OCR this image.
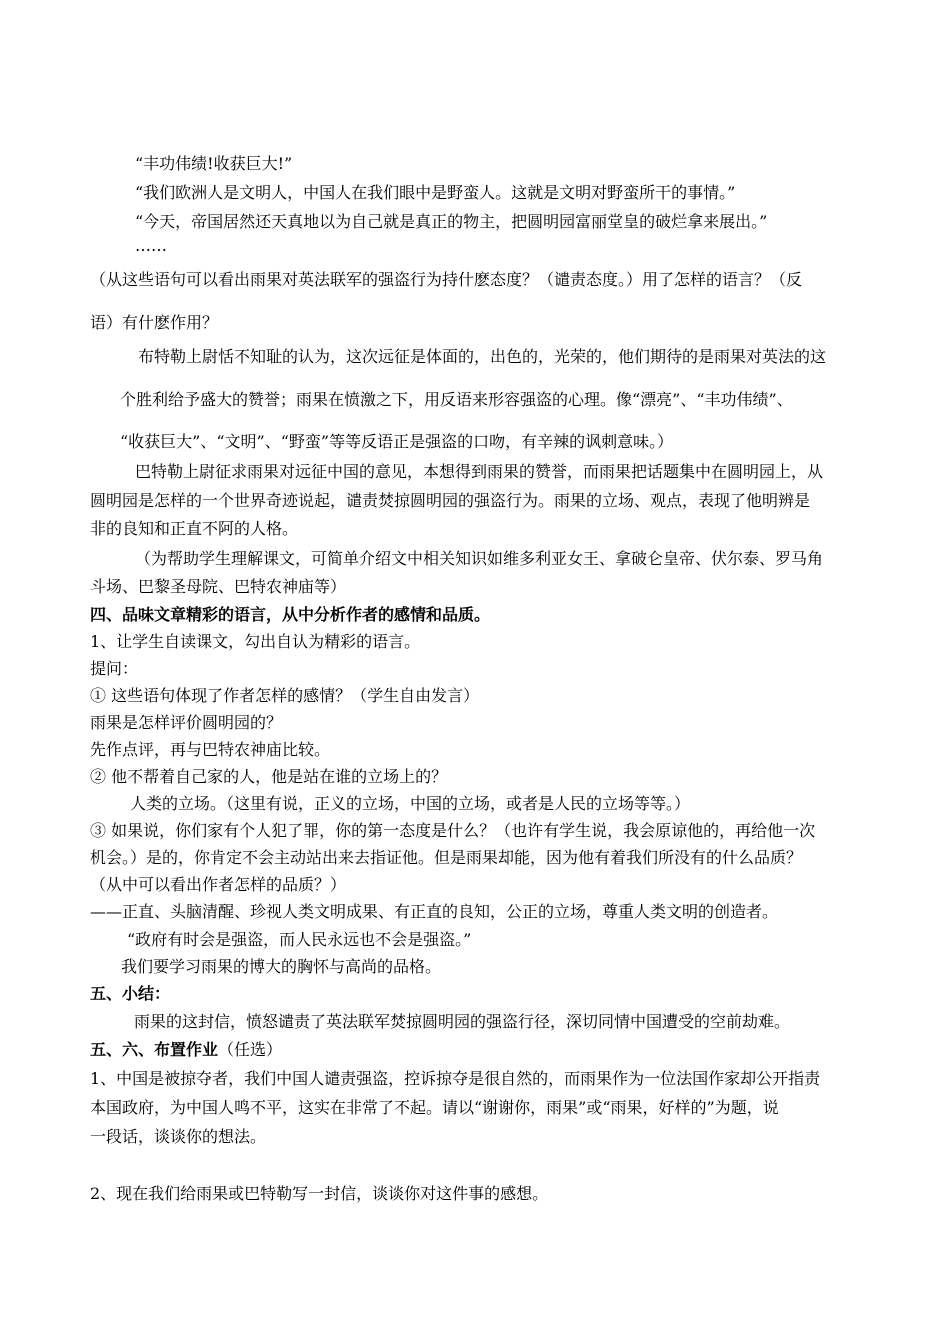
“丰功伟绩!收获巨大!”
“我们欧洲人是文明人，中国人在我们眼中是野蛮人。这就是文明对野蛮所干的事情。”
“今天，帝国居然还天真地以为自己就是真正的物主，把圆明园富丽堂皇的破烂拿来展出。”
……
（从这些语句可以看出雨果对英法联军的强盗行为持什麽态度？（谴责态度。）用了怎样的语言？（反
语）有什麽作用？
布特勒上尉恬不知耻的认为，这次远征是体面的，出色的，光荣的，他们期待的是雨果对英法的这
个胜利给予盛大的赞誉；雨果在愤激之下，用反语来形容强盗的心理。像“漂亮”、“丰功伟绩”、
“收获巨大”、“文明”、“野蛮”等等反语正是强盗的口吻，有辛辣的讽刺意味。）
巴特勒上尉征求雨果对远征中国的意见，本想得到雨果的赞誉，而雨果把话题集中在圆明园上，从
圆明园是怎样的一个世界奇迹说起，谴责焚掠圆明园的强盗行为。雨果的立场、观点，表现了他明辨是
非的良知和正直不阿的人格。
（为帮助学生理解课文，可简单介绍文中相关知识如维多利亚女王、拿破仑皇帝、伏尔泰、罗马角
斗场、巴黎圣母院、巴特农神庙等）
四、品味文章精彩的语言，从中分析作者的感情和品质。
1、让学生自读课文，勾出自认为精彩的语言。
提问：
① 这些语句体现了作者怎样的感情？（学生自由发言）
雨果是怎样评价圆明园的？
先作点评，再与巴特农神庙比较。
② 他不帮着自己家的人，他是站在谁的立场上的？
人类的立场。（这里有说，正义的立场，中国的立场，或者是人民的立场等等。）
③ 如果说，你们家有个人犯了罪，你的第一态度是什么？（也许有学生说，我会原谅他的，再给他一次
机会。）是的，你肯定不会主动站出来去指证他。但是雨果却能，因为他有着我们所没有的什么品质？
（从中可以看出作者怎样的品质？）
——正直、头脑清醒、珍视人类文明成果、有正直的良知，公正的立场，尊重人类文明的创造者。
“政府有时会是强盗，而人民永远也不会是强盗。”
我们要学习雨果的博大的胸怀与高尚的品格。
五、小结：
雨果的这封信，愤怒谴责了英法联军焚掠圆明园的强盗行径，深切同情中国遭受的空前劫难。
五、六、布置作业（任选）
1、中国是被掠夺者，我们中国人谴责强盗，控诉掠夺是很自然的，而雨果作为一位法国作家却公开指责
本国政府，为中国人鸣不平，这实在非常了不起。请以“谢谢你，雨果”或“雨果，好样的”为题，说
一段话，谈谈你的想法。
2、现在我们给雨果或巴特勒写一封信，谈谈你对这件事的感想。
